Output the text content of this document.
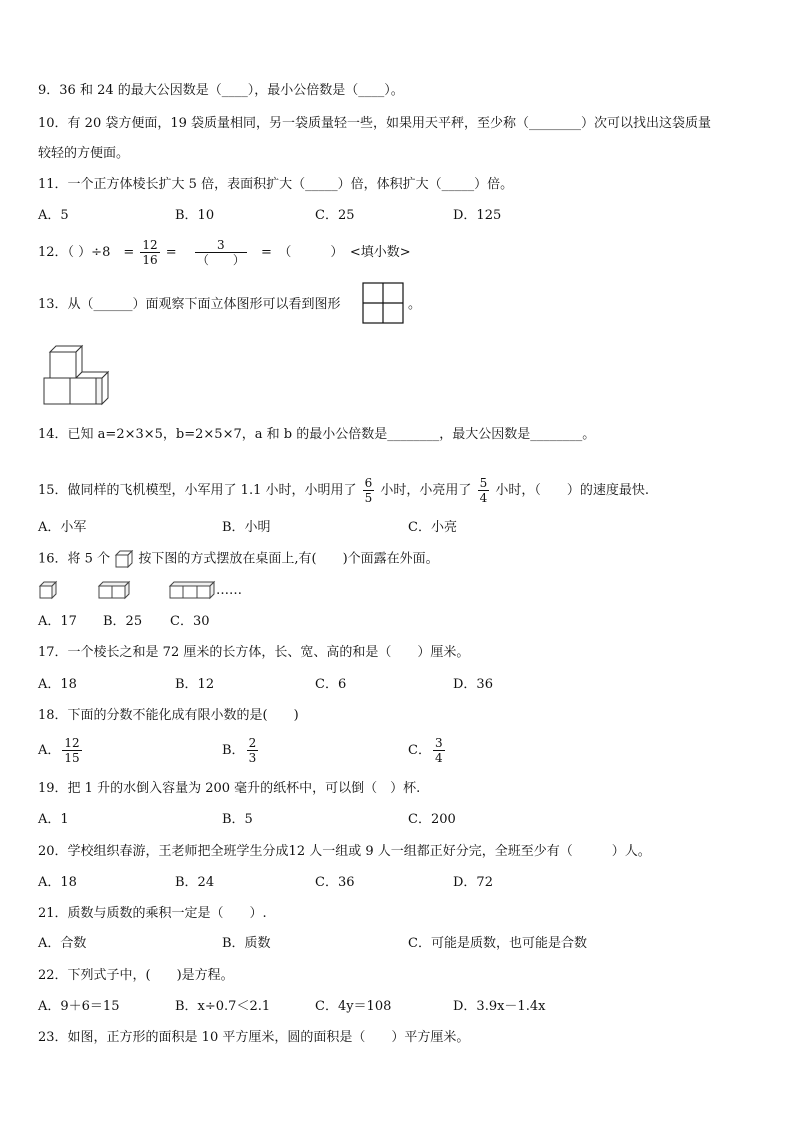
9．36 和 24 的最大公因数是（____），最小公倍数是（____）。
10．有 20 袋方便面，19 袋质量相同，另一袋质量轻一些，如果用天平秤，至少称（________）次可以找出这袋质量
较轻的方便面。
11．一个正方体棱长扩大 5 倍，表面积扩大（_____）倍，体积扩大（_____）倍。
A．5	B．10	C．25	D．125
12．（ ）÷8　= $\frac{12}{16} = \frac{3}{( )}$ =　（　　　）　<填小数>
13．从（______）面观察下面立体图形可以看到图形	。
14．已知 a=2×3×5，b=2×5×7，a 和 b 的最小公倍数是________，最大公因数是________。
15．做同样的飞机模型，小军用了 1.1 小时，小明用了 $\frac{6}{5}$ 小时，小亮用了 $\frac{5}{4}$ 小时，（　　）的速度最快.
A．小军	B．小明	C．小亮
16．将 5 个 按下图的方式摆放在桌面上,有(　　)个面露在外面。
……
A．17 B．25 C．30
17．一个棱长之和是 72 厘米的长方体，长、宽、高的和是（　　）厘米。
A．18	B．12	C．6	D．36
18．下面的分数不能化成有限小数的是(　　)
A． $\frac{12}{15}$	B． $\frac{2}{3}$	C． $\frac{3}{4}$
19．把 1 升的水倒入容量为 200 毫升的纸杯中，可以倒（　）杯.
A．1	B．5	C．200
20．学校组织春游，王老师把全班学生分成12 人一组或 9 人一组都正好分完，全班至少有（　　　）人。
A．18	B．24	C．36	D．72
21．质数与质数的乘积一定是（　　）.
A．合数	B．质数	C．可能是质数，也可能是合数
22．下列式子中，(　　)是方程。
A．9＋6＝15	B．x÷0.7＜2.1	C．4y＝108	D．3.9x－1.4x
23．如图，正方形的面积是 10 平方厘米，圆的面积是（　　）平方厘米。
